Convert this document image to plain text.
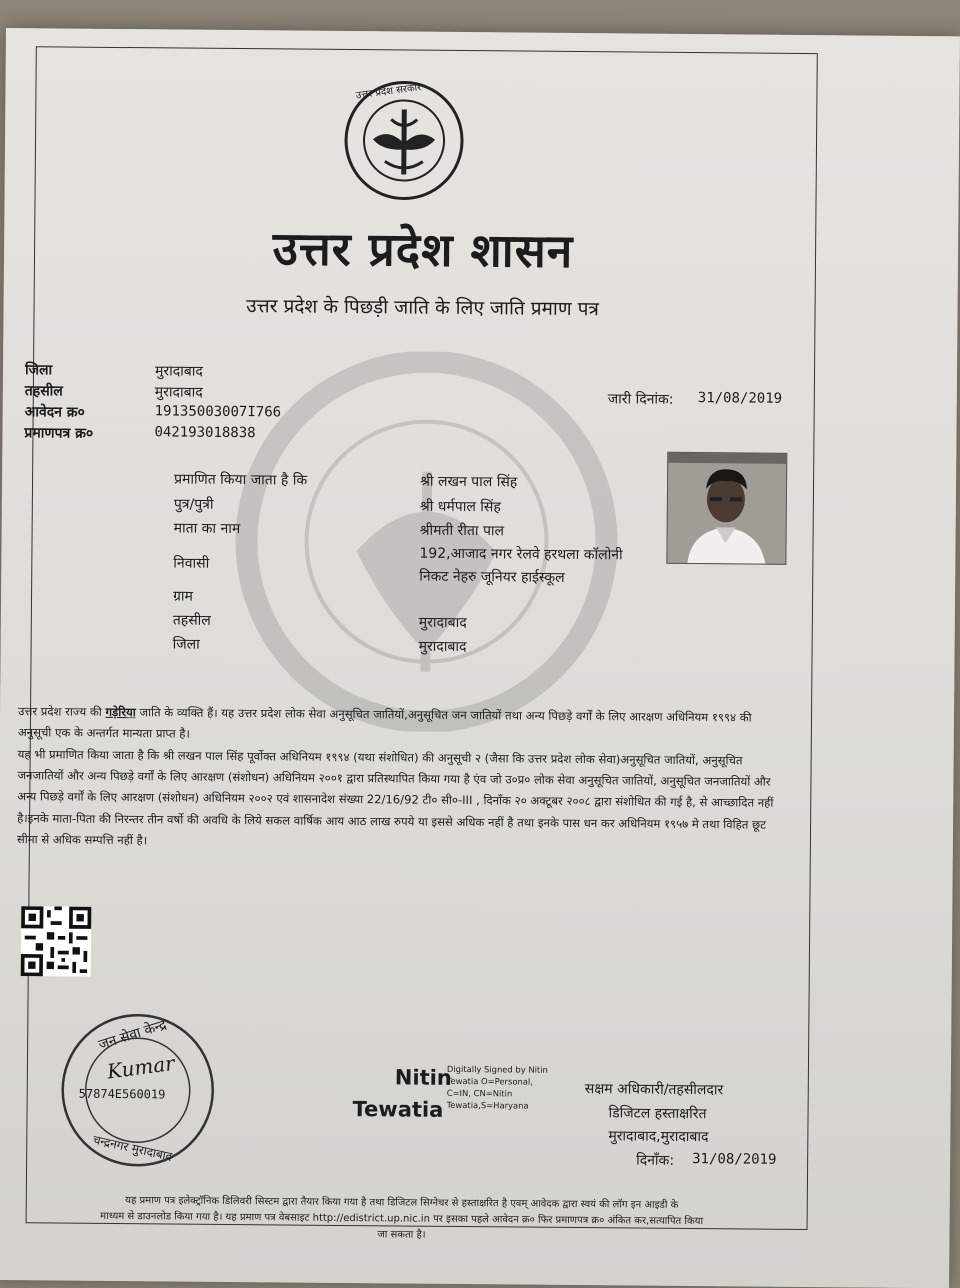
उत्तर प्रदेश सरकार
उत्तर प्रदेश शासन
उत्तर प्रदेश के पिछड़ी जाति के लिए जाति प्रमाण पत्र
जिला	मुरादाबाद
तहसील	मुरादाबाद
आवेदन क्र०	19135003007I766
प्रमाणपत्र क्र०	042193018838
जारी दिनांक: 31/08/2019
प्रमाणित किया जाता है कि	श्री लखन पाल सिंह
पुत्र/पुत्री	श्री धर्मपाल सिंह
माता का नाम	श्रीमती रीता पाल
निवासी
192,आजाद नगर रेलवे हरथला कॉलोनी
निकट नेहरु जूनियर हाईस्कूल
ग्राम
तहसील	मुरादाबाद
जिला	मुरादाबाद
उत्तर प्रदेश राज्य की गड़ेरिया जाति के व्यक्ति हैं। यह उत्तर प्रदेश लोक सेवा अनुसूचित जातियों,अनुसूचित जन जातियों तथा अन्य पिछड़े वर्गों के लिए आरक्षण अधिनियम १९९४ की अनुसूची एक के अन्तर्गत मान्यता प्राप्त है।
यह भी प्रमाणित किया जाता है कि श्री लखन पाल सिंह पूर्वोक्त अधिनियम १९९४ (यथा संशोधित) की अनुसूची २ (जैसा कि उत्तर प्रदेश लोक सेवा)अनुसूचित जातियों, अनुसूचित जनजातियों और अन्य पिछड़े वर्गों के लिए आरक्षण (संशोधन) अधिनियम २००१ द्वारा प्रतिस्थापित किया गया है एंव जो उ०प्र० लोक सेवा अनुसूचित जातियों, अनुसूचित जनजातियों और अन्य पिछड़े वर्गों के लिए आरक्षण (संशोधन) अधिनियम २००२ एवं शासनादेश संख्या 22/16/92 टी० सी०-III , दिनाँक २० अक्टूबर २००८ द्वारा संशोधित की गई है, से आच्छादित नहीं है।इनके माता-पिता की निरन्तर तीन वर्षो की अवधि के लिये सकल वार्षिक आय आठ लाख रुपये या इससे अधिक नहीं है तथा इनके पास धन कर अधिनियम १९५७ मे तथा विहित छूट सीमा से अधिक सम्पत्ति नहीं है।
जन सेवा केन्द्र
Kumar
57874E560019
चन्द्रनगर मुरादाबाद
Nitin
Tewatia
Digitally Signed by Nitin
Tewatia O=Personal,
C=IN, CN=Nitin
Tewatia,S=Haryana
सक्षम अधिकारी/तहसीलदार
डिजिटल हस्ताक्षरित
मुरादाबाद,मुरादाबाद
दिनाँक: 31/08/2019
यह प्रमाण पत्र इलेक्ट्रॉनिक डिलिवरी सिस्टम द्वारा तैयार किया गया है तथा डिजिटल सिग्नेचर से हस्ताक्षरित है एवम् आवेदक द्वारा स्वयं की लॉग इन आइडी के
माध्यम से डाउनलोड किया गया है। यह प्रमाण पत्र वेबसाइट http://edistrict.up.nic.in पर इसका पहले आवेदन क्र० फिर प्रमाणपत्र क्र० अंकित कर,सत्यापित किया
जा सकता है।
